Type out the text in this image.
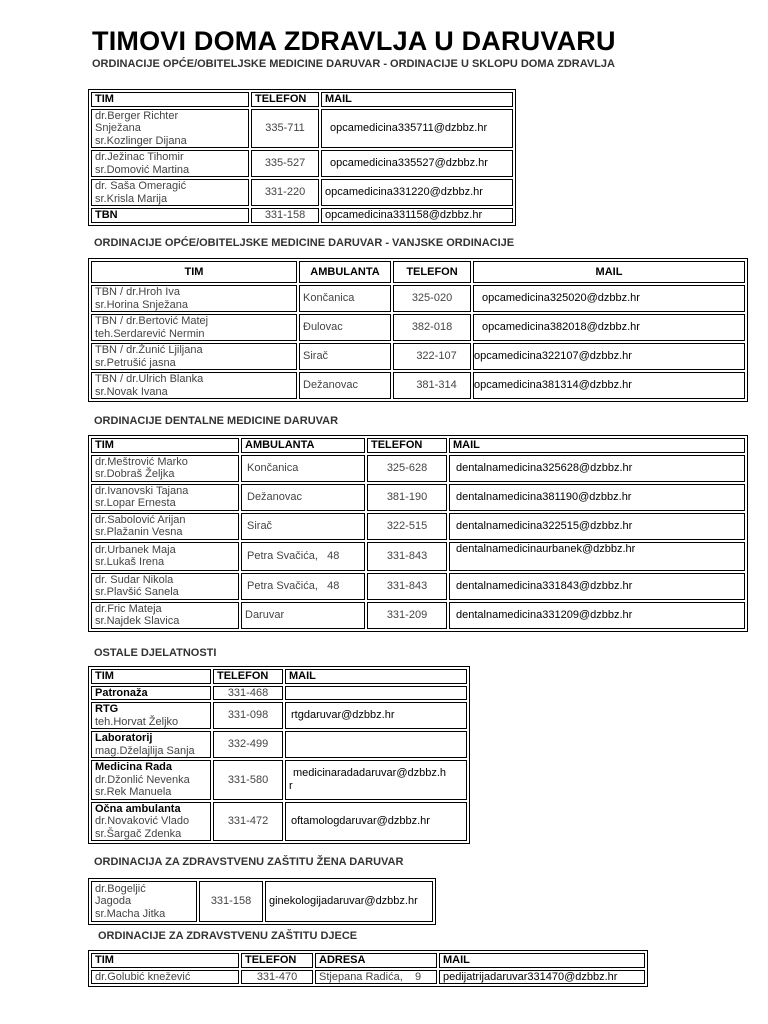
TIMOVI DOMA ZDRAVLJA U DARUVARU
ORDINACIJE OPĆE/OBITELJSKE MEDICINE DARUVAR - ORDINACIJE U SKLOPU DOMA ZDRAVLJA
TIM	TELEFON	MAIL

dr.Berger Richter
Snježana
sr.Kozlinger Dijana	335-711	opcamedicina335711@dzbbz.hr

dr.Ježinac Tihomir
sr.Domović Martina	335-527	opcamedicina335527@dzbbz.hr

dr. Saša Omeragić
sr.Krisla Marija	331-220	opcamedicina331220@dzbbz.hr
TBN	331-158	opcamedicina331158@dzbbz.hr
ORDINACIJE OPĆE/OBITELJSKE MEDICINE DARUVAR - VANJSKE ORDINACIJE
TIM	AMBULANTA	TELEFON	MAIL

TBN / dr.Hroh Iva
sr.Horina Snježana	Končanica	325-020	opcamedicina325020@dzbbz.hr

TBN / dr.Bertović Matej
teh.Serdarević Nermin	Đulovac	382-018	opcamedicina382018@dzbbz.hr

TBN / dr.Žunić Ljiljana
sr.Petrušić jasna	Sirač	322-107	opcamedicina322107@dzbbz.hr

TBN / dr.Ulrich Blanka
sr.Novak Ivana	Dežanovac	381-314	opcamedicina381314@dzbbz.hr
ORDINACIJE DENTALNE MEDICINE DARUVAR
TIM	AMBULANTA	TELEFON	MAIL

dr.Meštrović Marko
sr.Dobraš Željka	Končanica	325-628	dentalnamedicina325628@dzbbz.hr

dr.Ivanovski Tajana
sr.Lopar Ernesta	Dežanovac	381-190	dentalnamedicina381190@dzbbz.hr

dr.Sabolović Arijan
sr.Plažanin Vesna	Sirač	322-515	dentalnamedicina322515@dzbbz.hr

dr.Urbanek Maja
sr.Lukaš Irena	Petra Svačića,   48	331-843	dentalnamedicinaurbanek@dzbbz.hr

dr. Sudar Nikola
sr.Plavšić Sanela	Petra Svačića,   48	331-843	dentalnamedicina331843@dzbbz.hr

dr.Fric Mateja
sr.Najdek Slavica	Daruvar	331-209	dentalnamedicina331209@dzbbz.hr
OSTALE DJELATNOSTI
TIM	TELEFON	MAIL
Patronaža	331-468	

RTG
teh.Horvat Željko	331-098	rtgdaruvar@dzbbz.hr

Laboratorij
mag.Dželajlija Sanja	332-499	

Medicina Rada
dr.Džonlić Nevenka
sr.Rek Manuela	331-580	medicinaradadaruvar@dzbbz.h
r

Očna ambulanta
dr.Novaković Vlado
sr.Šargač Zdenka	331-472	oftamologdaruvar@dzbbz.hr
ORDINACIJA ZA ZDRAVSTVENU ZAŠTITU ŽENA DARUVAR
dr.Bogeljić
Jagoda
sr.Macha Jitka
	331-158	ginekologijadaruvar@dzbbz.hr
ORDINACIJE ZA ZDRAVSTVENU ZAŠTITU DJECE
TIM	TELEFON	ADRESA	MAIL
dr.Golubić knežević	331-470	Stjepana Radića,    9	pedijatrijadaruvar331470@dzbbz.hr
